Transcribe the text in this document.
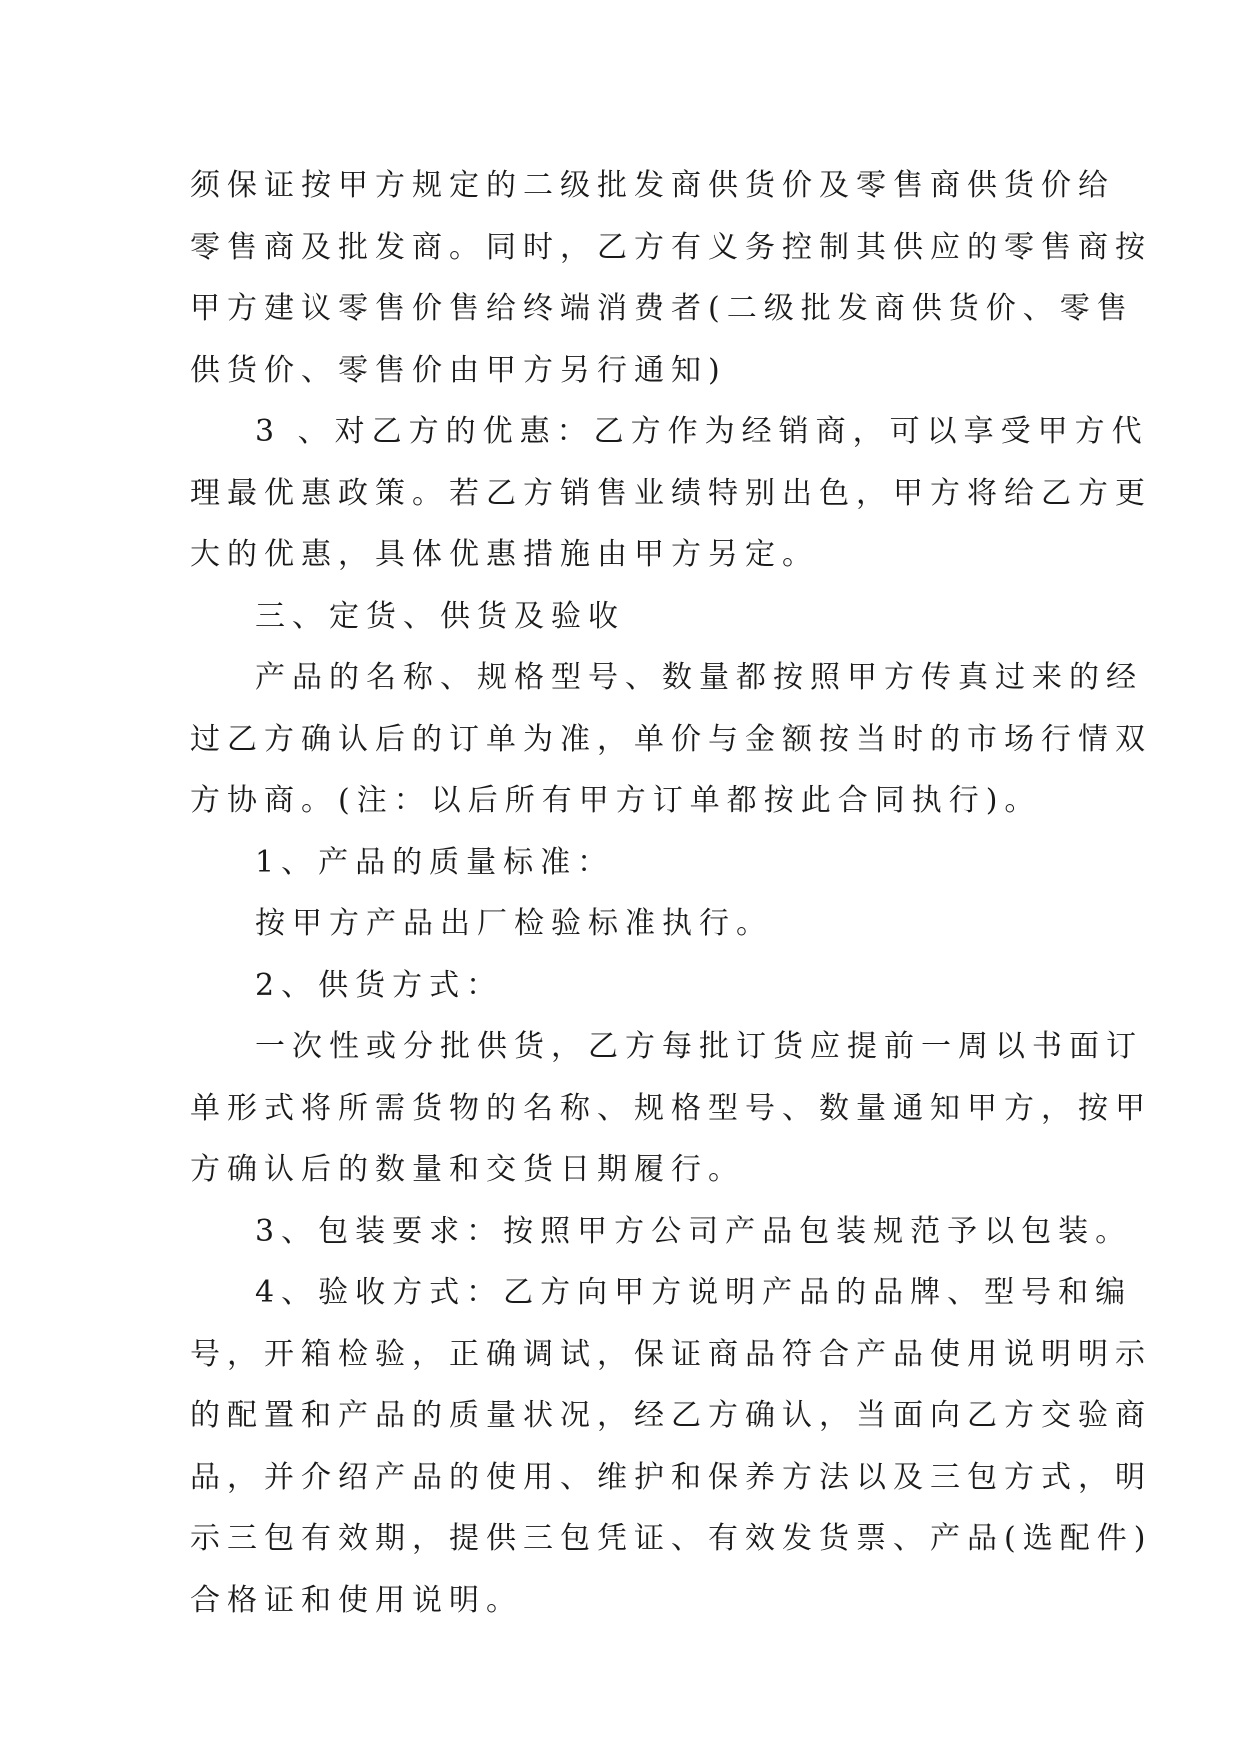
须保证按甲方规定的二级批发商供货价及零售商供货价给
零售商及批发商。同时，乙方有义务控制其供应的零售商按
甲方建议零售价售给终端消费者(二级批发商供货价、零售
供货价、零售价由甲方另行通知)
3 、对乙方的优惠：乙方作为经销商，可以享受甲方代
理最优惠政策。若乙方销售业绩特别出色，甲方将给乙方更
大的优惠，具体优惠措施由甲方另定。
三、定货、供货及验收
产品的名称、规格型号、数量都按照甲方传真过来的经
过乙方确认后的订单为准，单价与金额按当时的市场行情双
方协商。(注：以后所有甲方订单都按此合同执行)。
1、产品的质量标准：
按甲方产品出厂检验标准执行。
2、供货方式：
一次性或分批供货，乙方每批订货应提前一周以书面订
单形式将所需货物的名称、规格型号、数量通知甲方，按甲
方确认后的数量和交货日期履行。
3、包装要求：按照甲方公司产品包装规范予以包装。
4、验收方式：乙方向甲方说明产品的品牌、型号和编
号，开箱检验，正确调试，保证商品符合产品使用说明明示
的配置和产品的质量状况，经乙方确认，当面向乙方交验商
品，并介绍产品的使用、维护和保养方法以及三包方式，明
示三包有效期，提供三包凭证、有效发货票、产品(选配件)
合格证和使用说明。
